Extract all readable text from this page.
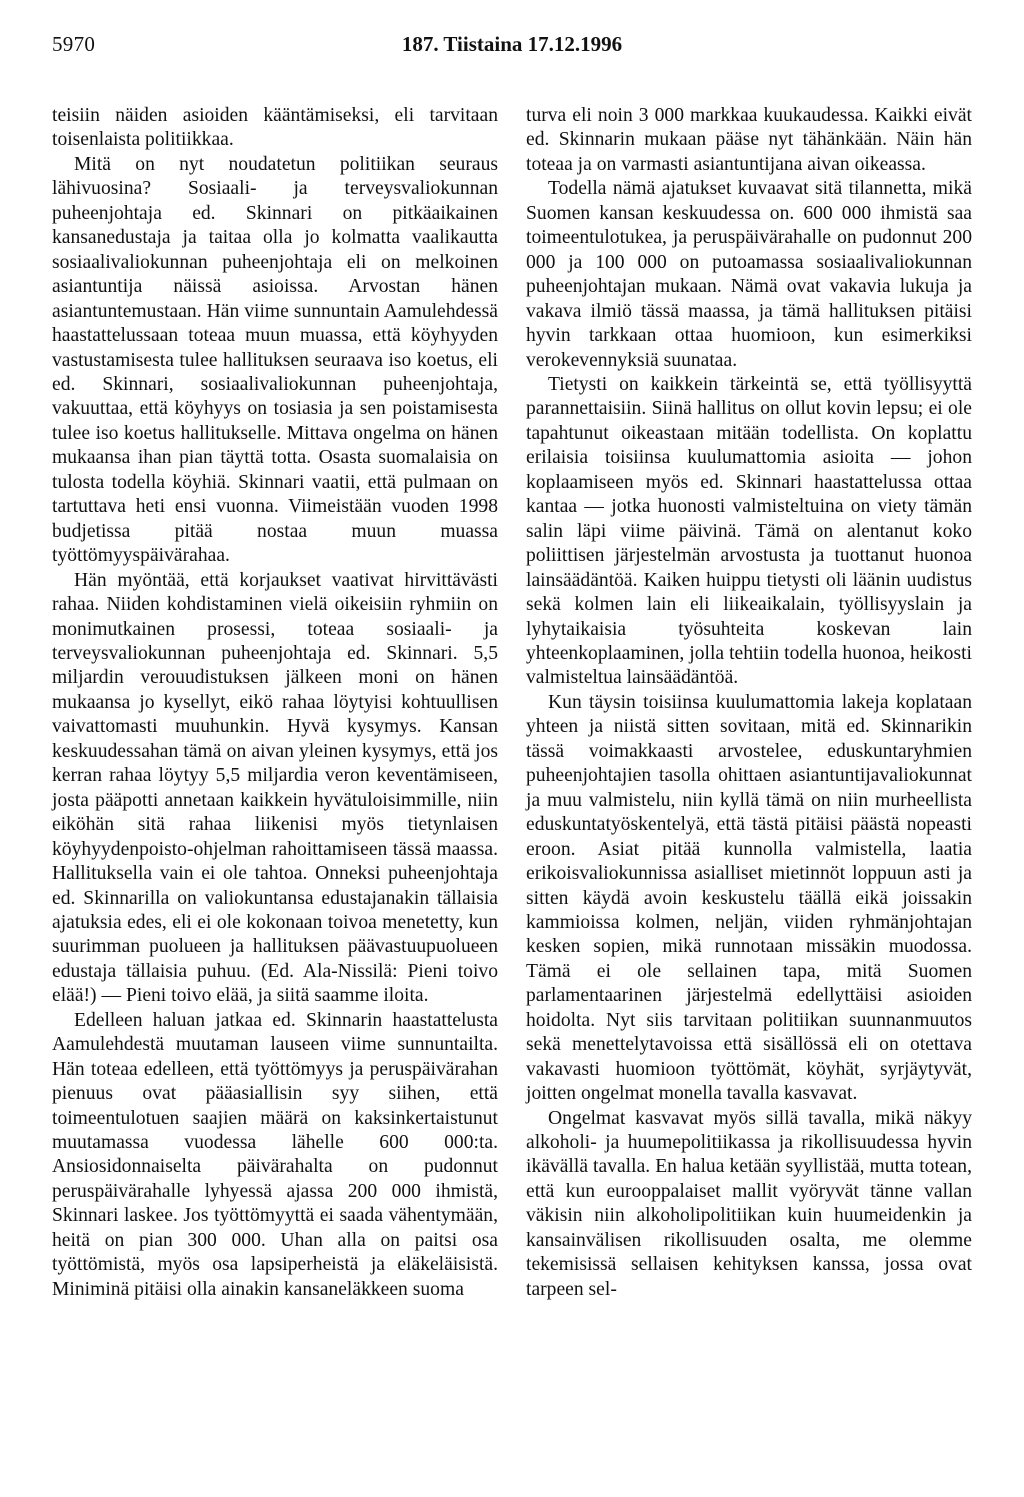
5970	187. Tiistaina 17.12.1996

teisiin näiden asioiden kääntämiseksi, eli tarvitaan toisenlaista politiikkaa.

Mitä on nyt noudatetun politiikan seuraus lähivuosina? Sosiaali- ja terveysvaliokunnan puheenjohtaja ed. Skinnari on pitkäaikainen kansanedustaja ja taitaa olla jo kolmatta vaalikautta sosiaalivaliokunnan puheenjohtaja eli on melkoinen asiantuntija näissä asioissa. Arvostan hänen asiantuntemustaan. Hän viime sunnuntain Aamulehdessä haastattelussaan toteaa muun muassa, että köyhyyden vastustamisesta tulee hallituksen seuraava iso koetus, eli ed. Skinnari, sosiaalivaliokunnan puheenjohtaja, vakuuttaa, että köyhyys on tosiasia ja sen poistamisesta tulee iso koetus hallitukselle. Mittava ongelma on hänen mukaansa ihan pian täyttä totta. Osasta suomalaisia on tulosta todella köyhiä. Skinnari vaatii, että pulmaan on tartuttava heti ensi vuonna. Viimeistään vuoden 1998 budjetissa pitää nostaa muun muassa työttömyyspäivärahaa.

Hän myöntää, että korjaukset vaativat hirvittävästi rahaa. Niiden kohdistaminen vielä oikeisiin ryhmiin on monimutkainen prosessi, toteaa sosiaali- ja terveysvaliokunnan puheenjohtaja ed. Skinnari. 5,5 miljardin verouudistuksen jälkeen moni on hänen mukaansa jo kysellyt, eikö rahaa löytyisi kohtuullisen vaivattomasti muuhunkin. Hyvä kysymys. Kansan keskuudessahan tämä on aivan yleinen kysymys, että jos kerran rahaa löytyy 5,5 miljardia veron keventämiseen, josta pääpotti annetaan kaikkein hyvätuloisimmille, niin eiköhän sitä rahaa liikenisi myös tietynlaisen köyhyydenpoisto-ohjelman rahoittamiseen tässä maassa. Hallituksella vain ei ole tahtoa. Onneksi puheenjohtaja ed. Skinnarilla on valiokuntansa edustajanakin tällaisia ajatuksia edes, eli ei ole kokonaan toivoa menetetty, kun suurimman puolueen ja hallituksen päävastuupuolueen edustaja tällaisia puhuu. (Ed. Ala-Nissilä: Pieni toivo elää!) — Pieni toivo elää, ja siitä saamme iloita.

Edelleen haluan jatkaa ed. Skinnarin haastattelusta Aamulehdestä muutaman lauseen viime sunnuntailta. Hän toteaa edelleen, että työttömyys ja peruspäivärahan pienuus ovat pääasiallisin syy siihen, että toimeentulotuen saajien määrä on kaksinkertaistunut muutamassa vuodessa lähelle 600 000:ta. Ansiosidonnaiselta päivärahalta on pudonnut peruspäivärahalle lyhyessä ajassa 200 000 ihmistä, Skinnari laskee. Jos työttömyyttä ei saada vähentymään, heitä on pian 300 000. Uhan alla on paitsi osa työttömistä, myös osa lapsiperheistä ja eläkeläisistä. Miniminä pitäisi olla ainakin kansaneläkkeen suoma

turva eli noin 3 000 markkaa kuukaudessa. Kaikki eivät ed. Skinnarin mukaan pääse nyt tähänkään. Näin hän toteaa ja on varmasti asiantuntijana aivan oikeassa.

Todella nämä ajatukset kuvaavat sitä tilannetta, mikä Suomen kansan keskuudessa on. 600 000 ihmistä saa toimeentulotukea, ja peruspäivärahalle on pudonnut 200 000 ja 100 000 on putoamassa sosiaalivaliokunnan puheenjohtajan mukaan. Nämä ovat vakavia lukuja ja vakava ilmiö tässä maassa, ja tämä hallituksen pitäisi hyvin tarkkaan ottaa huomioon, kun esimerkiksi verokevennyksiä suunataa.

Tietysti on kaikkein tärkeintä se, että työllisyyttä parannettaisiin. Siinä hallitus on ollut kovin lepsu; ei ole tapahtunut oikeastaan mitään todellista. On koplattu erilaisia toisiinsa kuulumattomia asioita — johon koplaamiseen myös ed. Skinnari haastattelussa ottaa kantaa — jotka huonosti valmisteltuina on viety tämän salin läpi viime päivinä. Tämä on alentanut koko poliittisen järjestelmän arvostusta ja tuottanut huonoa lainsäädäntöä. Kaiken huippu tietysti oli läänin uudistus sekä kolmen lain eli liikeaikalain, työllisyyslain ja lyhytaikaisia työsuhteita koskevan lain yhteenkoplaaminen, jolla tehtiin todella huonoa, heikosti valmisteltua lainsäädäntöä.

Kun täysin toisiinsa kuulumattomia lakeja koplataan yhteen ja niistä sitten sovitaan, mitä ed. Skinnarikin tässä voimakkaasti arvostelee, eduskuntaryhmien puheenjohtajien tasolla ohittaen asiantuntijavaliokunnat ja muu valmistelu, niin kyllä tämä on niin murheellista eduskuntatyöskentelyä, että tästä pitäisi päästä nopeasti eroon. Asiat pitää kunnolla valmistella, laatia erikoisvaliokunnissa asialliset mietinnöt loppuun asti ja sitten käydä avoin keskustelu täällä eikä joissakin kammioissa kolmen, neljän, viiden ryhmänjohtajan kesken sopien, mikä runnotaan missäkin muodossa. Tämä ei ole sellainen tapa, mitä Suomen parlamentaarinen järjestelmä edellyttäisi asioiden hoidolta. Nyt siis tarvitaan politiikan suunnanmuutos sekä menettelytavoissa että sisällössä eli on otettava vakavasti huomioon työttömät, köyhät, syrjäytyvät, joitten ongelmat monella tavalla kasvavat.

Ongelmat kasvavat myös sillä tavalla, mikä näkyy alkoholi- ja huumepolitiikassa ja rikollisuudessa hyvin ikävällä tavalla. En halua ketään syyllistää, mutta totean, että kun eurooppalaiset mallit vyöryvät tänne vallan väkisin niin alkoholipolitiikan kuin huumeidenkin ja kansainvälisen rikollisuuden osalta, me olemme tekemisissä sellaisen kehityksen kanssa, jossa ovat tarpeen sel-
